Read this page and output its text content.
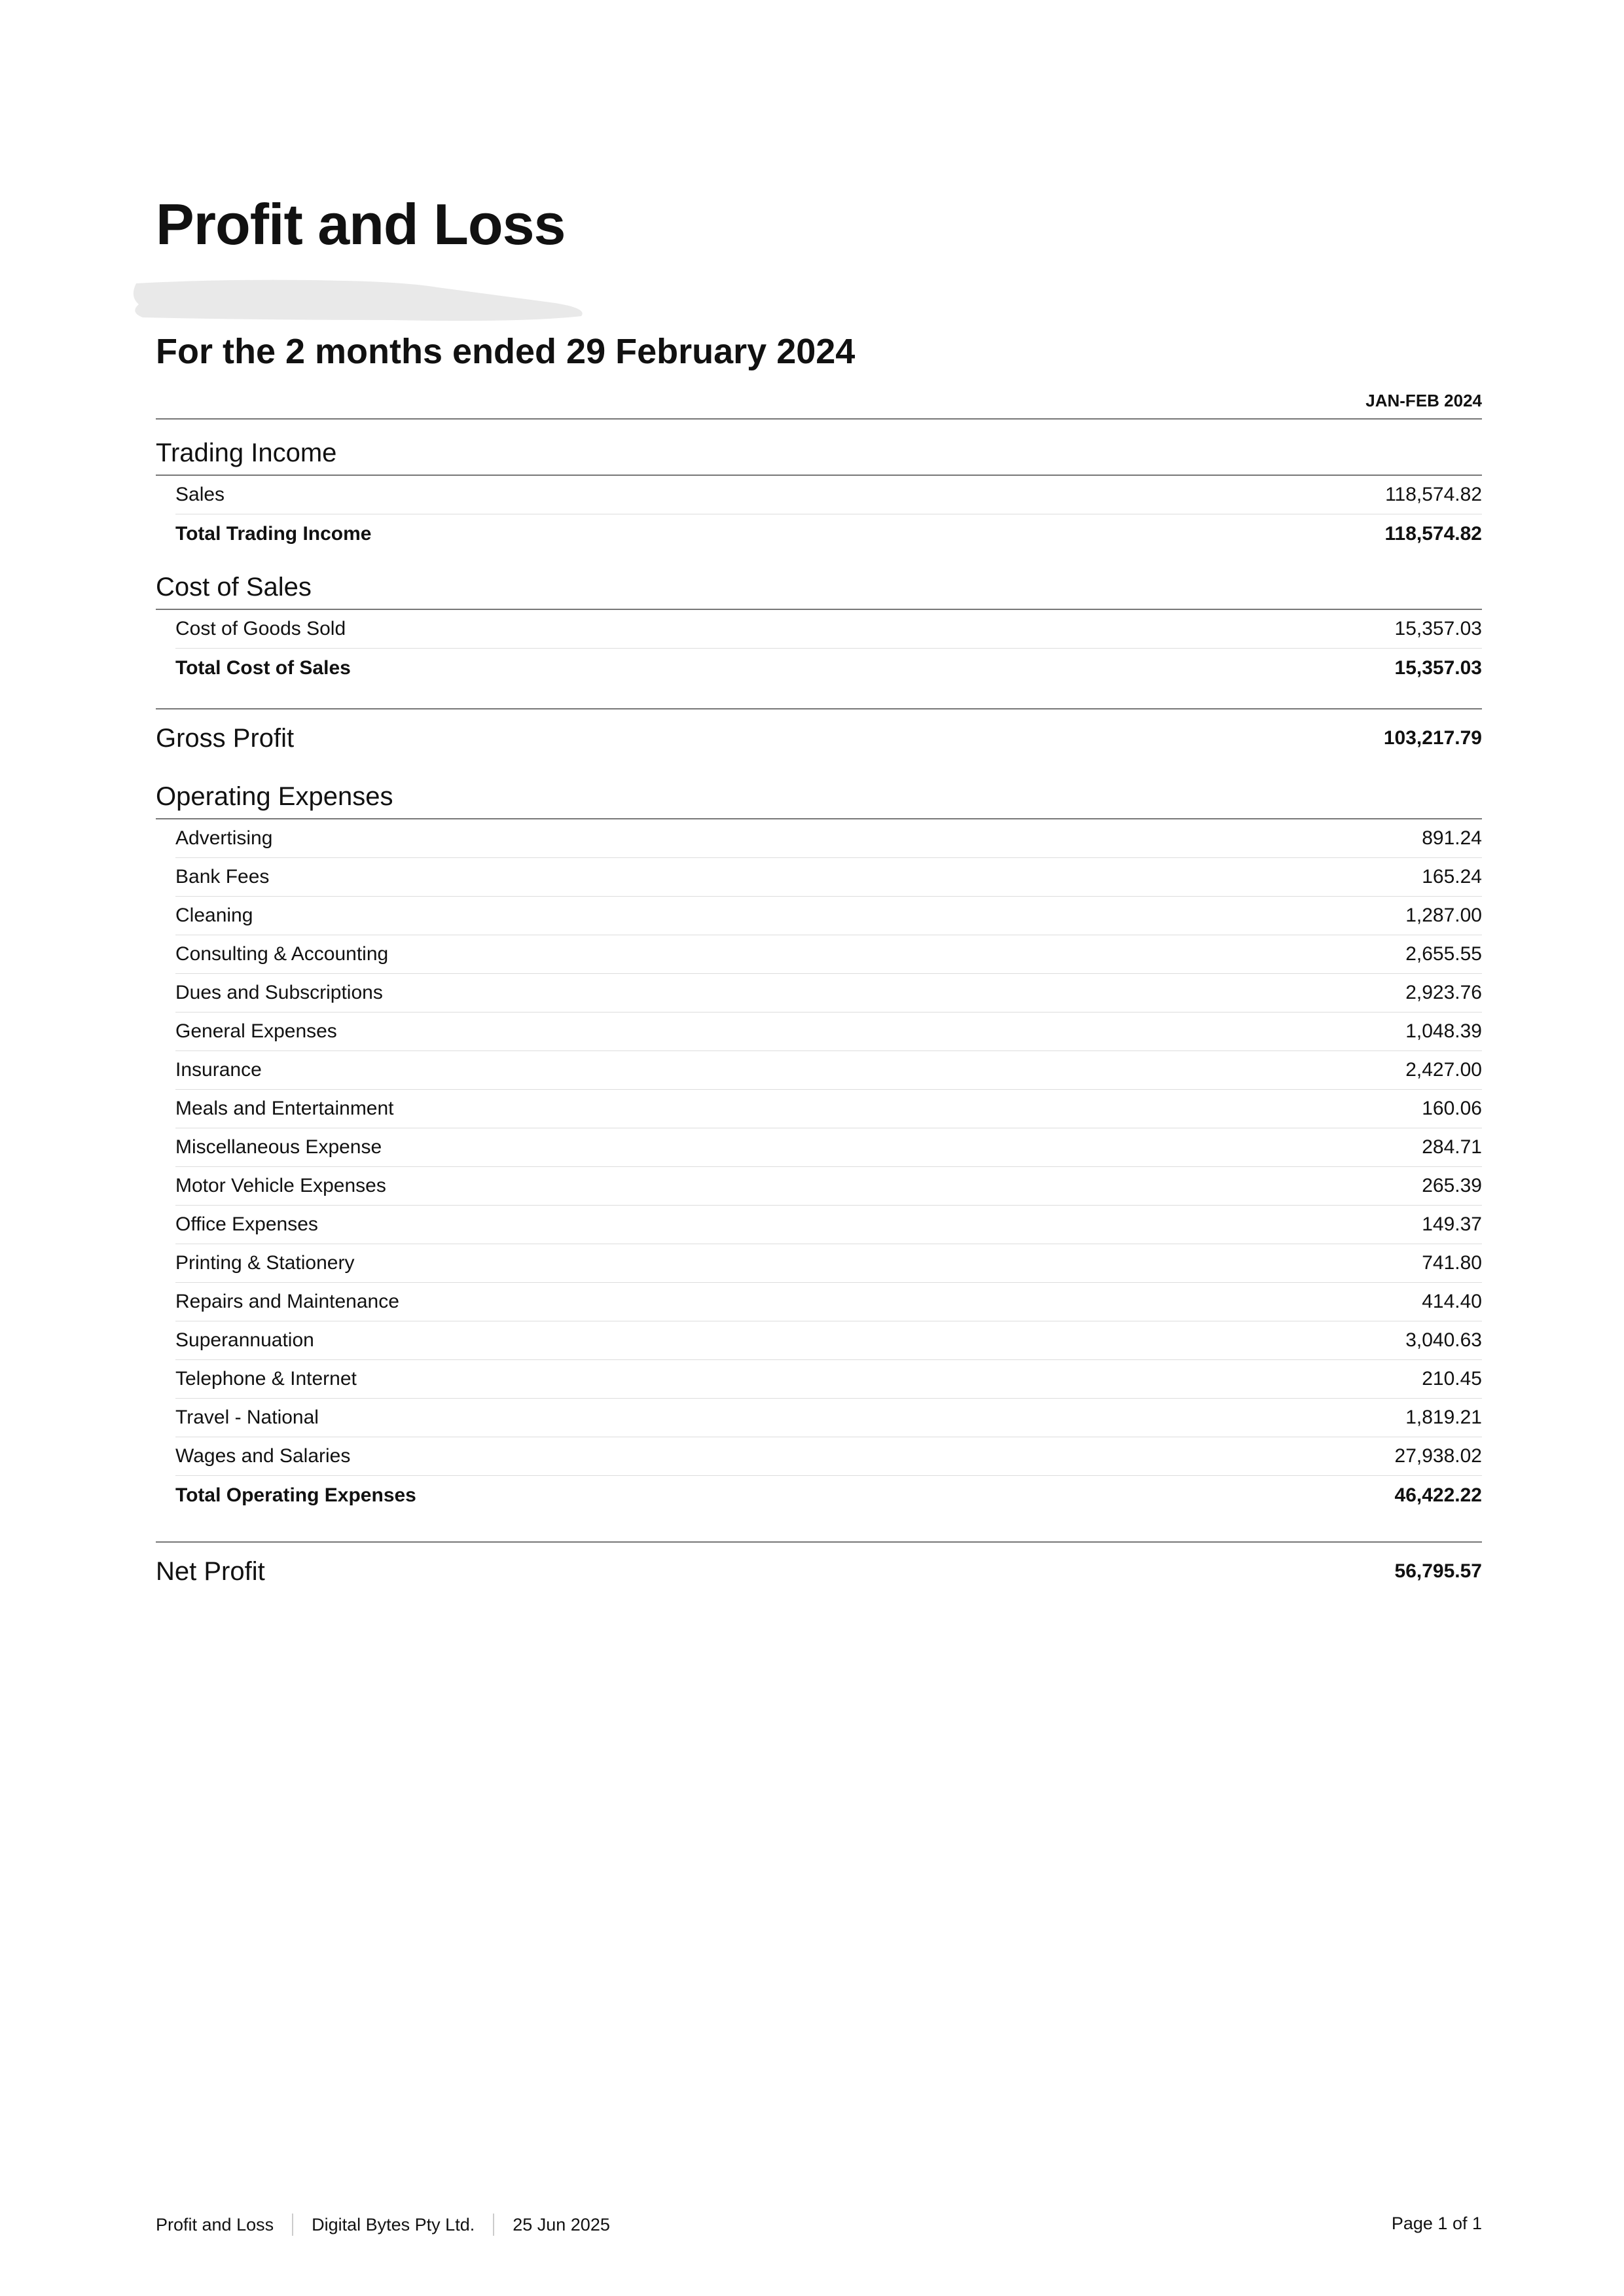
Profit and Loss
For the 2 months ended 29 February 2024
JAN-FEB 2024
Trading Income
Sales	118,574.82
Total Trading Income	118,574.82
Cost of Sales
Cost of Goods Sold	15,357.03
Total Cost of Sales	15,357.03
Gross Profit	103,217.79
Operating Expenses
Advertising	891.24
Bank Fees	165.24
Cleaning	1,287.00
Consulting & Accounting	2,655.55
Dues and Subscriptions	2,923.76
General Expenses	1,048.39
Insurance	2,427.00
Meals and Entertainment	160.06
Miscellaneous Expense	284.71
Motor Vehicle Expenses	265.39
Office Expenses	149.37
Printing & Stationery	741.80
Repairs and Maintenance	414.40
Superannuation	3,040.63
Telephone & Internet	210.45
Travel - National	1,819.21
Wages and Salaries	27,938.02
Total Operating Expenses	46,422.22
Net Profit	56,795.57
Profit and Loss Digital Bytes Pty Ltd. 25 Jun 2025	Page 1 of 1
